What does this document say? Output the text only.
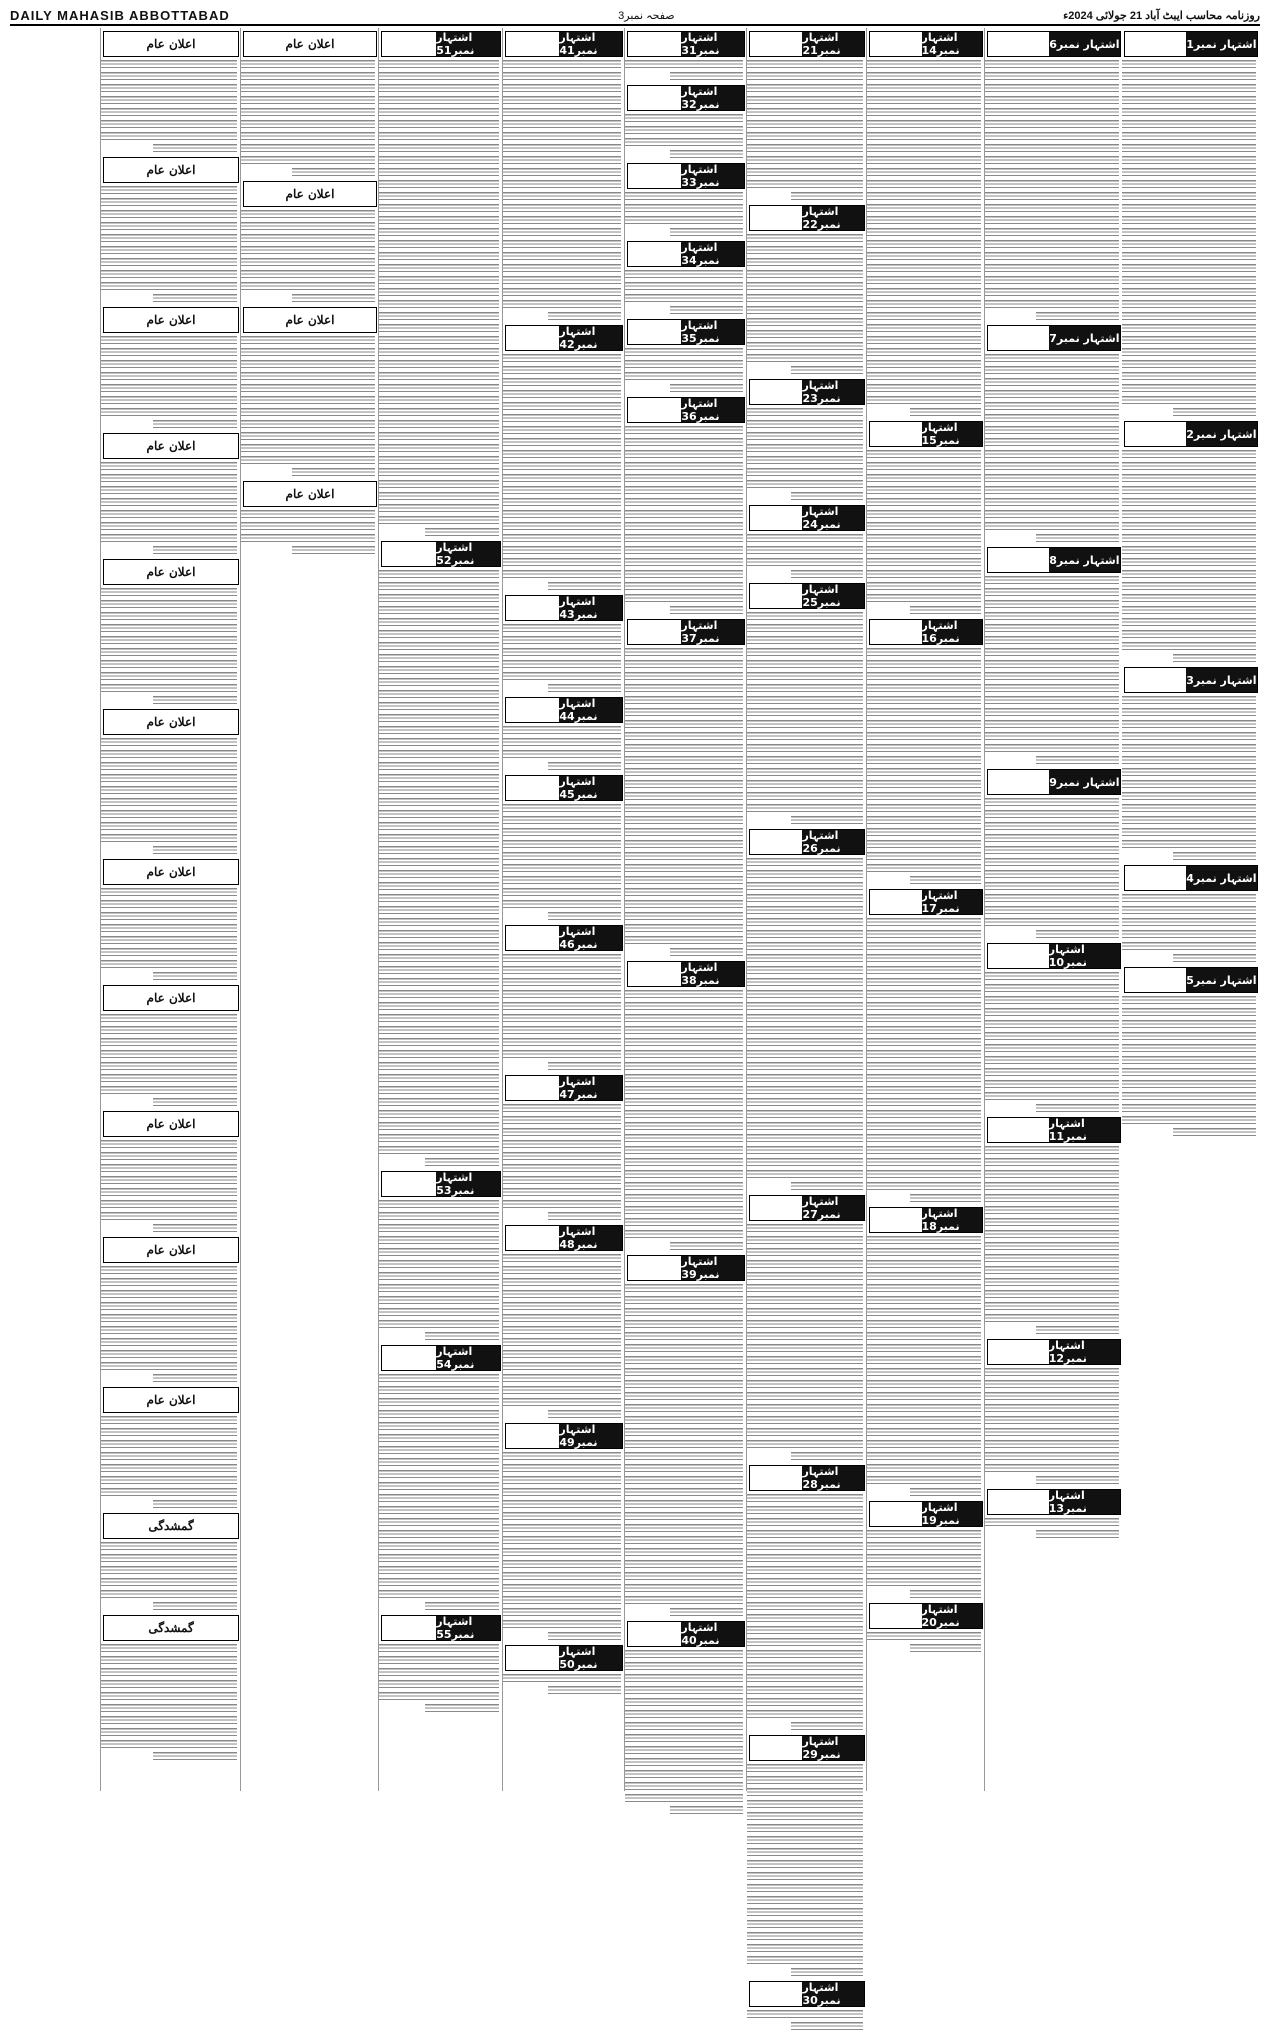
DAILY MAHASIB ABBOTTABAD	صفحہ نمبر3	روزنامہ محاسب ایبٹ آباد 21 جولائی 2024ء
اشتہار نمبر1
اشتہار نمبر2
اشتہار نمبر3
اشتہار نمبر4
اشتہار نمبر5
اشتہار نمبر6
اشتہار نمبر7
اشتہار نمبر8
اشتہار نمبر9
اشتہار نمبر10
اشتہار نمبر11
اشتہار نمبر12
اشتہار نمبر13
اشتہار نمبر14
اشتہار نمبر15
اشتہار نمبر16
اشتہار نمبر17
اشتہار نمبر18
اشتہار نمبر19
اشتہار نمبر20
اشتہار نمبر21
اشتہار نمبر22
اشتہار نمبر23
اشتہار نمبر24
اشتہار نمبر25
اشتہار نمبر26
اشتہار نمبر27
اشتہار نمبر28
اشتہار نمبر29
اشتہار نمبر30
اشتہار نمبر31
اشتہار نمبر32
اشتہار نمبر33
اشتہار نمبر34
اشتہار نمبر35
اشتہار نمبر36
اشتہار نمبر37
اشتہار نمبر38
اشتہار نمبر39
اشتہار نمبر40
اشتہار نمبر41
اشتہار نمبر42
اشتہار نمبر43
اشتہار نمبر44
اشتہار نمبر45
اشتہار نمبر46
اشتہار نمبر47
اشتہار نمبر48
اشتہار نمبر49
اشتہار نمبر50
اشتہار نمبر51
اشتہار نمبر52
اشتہار نمبر53
اشتہار نمبر54
اشتہار نمبر55
اعلان عام
اعلان عام
اعلان عام
اعلان عام
اعلان عام
اعلان عام
اعلان عام
اعلان عام
اعلان عام
اعلان عام
اعلان عام
اعلان عام
اعلان عام
اعلان عام
اعلان عام
گمشدگی
گمشدگی
